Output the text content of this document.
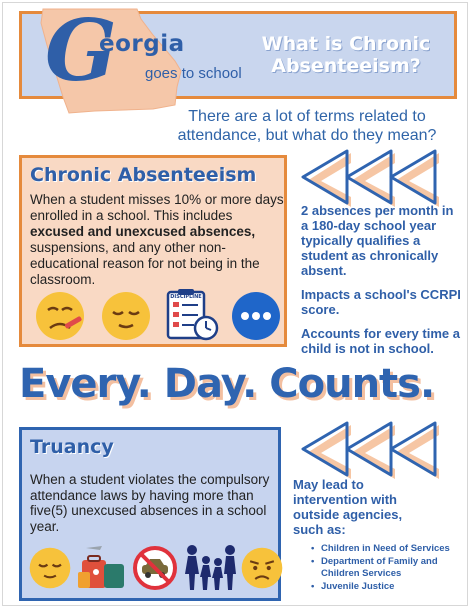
G
eorgia
goes to school
What is Chronic
Absenteeism?
There are a lot of terms related to
attendance, but what do they mean?
Chronic Absenteeism
When a student misses 10% or more days enrolled in a school. This includes excused and unexcused absences, suspensions, and any other non-educational reason for not being in the classroom.
DISCIPLINE

2 absences per month in a 180-day school year typically qualifies a student as chronically absent.

Impacts a school's CCRPI score.

Accounts for every time a child is not in school.

Every. Day. Counts.
Truancy
When a student violates the compulsory attendance laws by having more than five(5) unexcused absences in a school year.
May lead to intervention with outside agencies, such as:
• Children in Need of Services
• Department of Family and Children Services
• Juvenile Justice
